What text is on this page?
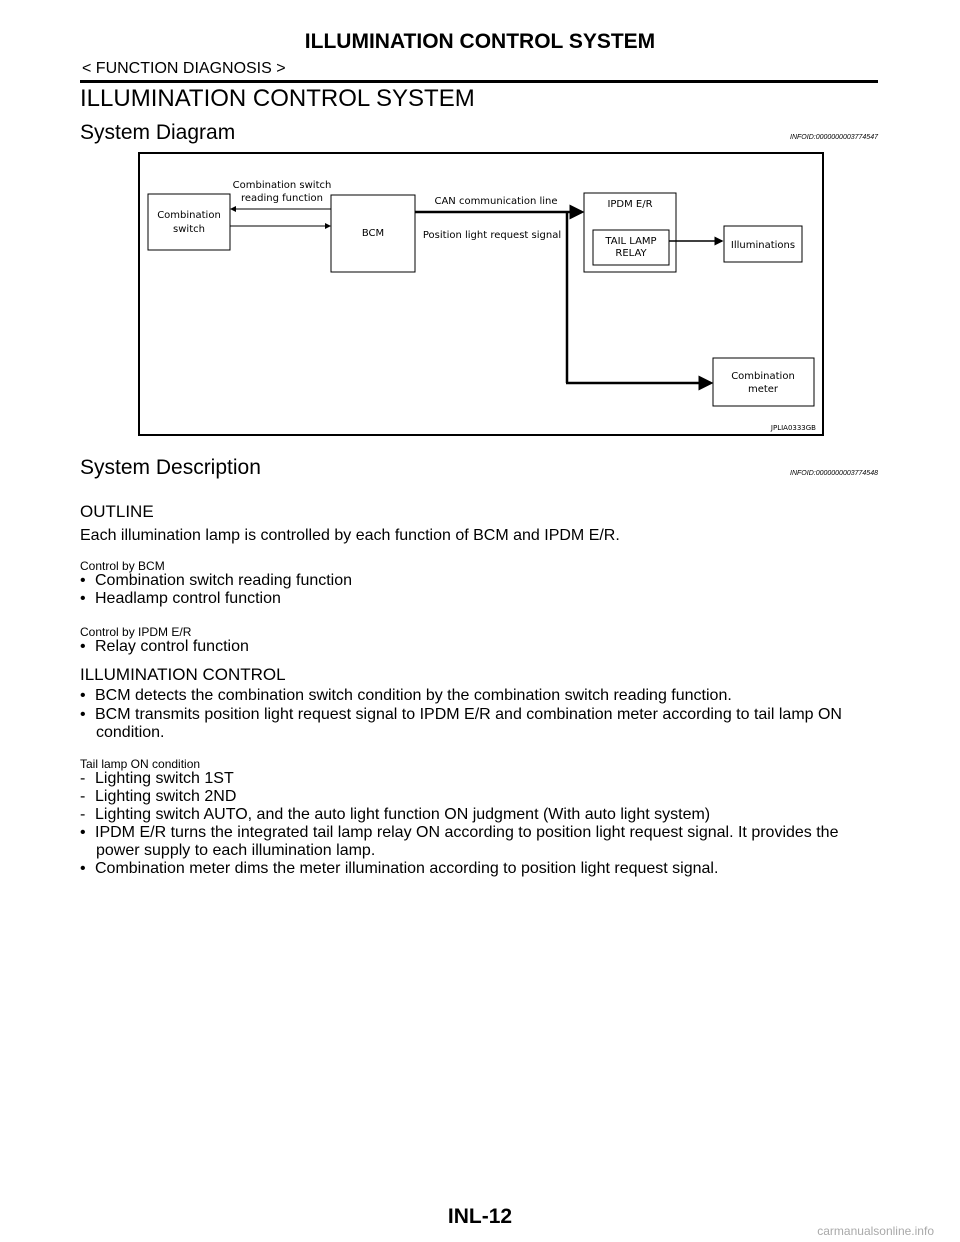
ILLUMINATION CONTROL SYSTEM
< FUNCTION DIAGNOSIS >
ILLUMINATION CONTROL SYSTEM
System Diagram	INFOID:0000000003774547
Combination
switch	BCM
IPDM E/R
TAIL LAMP
RELAY
Illuminations
Combination
meter
Combination switch
reading function	CAN communication line
Position light request signal
JPLIA0333GB
System Description	INFOID:0000000003774548
OUTLINE
Each illumination lamp is controlled by each function of BCM and IPDM E/R.
Control by BCM
• Combination switch reading function
• Headlamp control function
Control by IPDM E/R
• Relay control function
ILLUMINATION CONTROL
• BCM detects the combination switch condition by the combination switch reading function.
• BCM transmits position light request signal to IPDM E/R and combination meter according to tail lamp ON
condition.
Tail lamp ON condition
- Lighting switch 1ST
- Lighting switch 2ND
- Lighting switch AUTO, and the auto light function ON judgment (With auto light system)
• IPDM E/R turns the integrated tail lamp relay ON according to position light request signal. It provides the
power supply to each illumination lamp.
• Combination meter dims the meter illumination according to position light request signal.
INL-12
carmanualsonline.info
